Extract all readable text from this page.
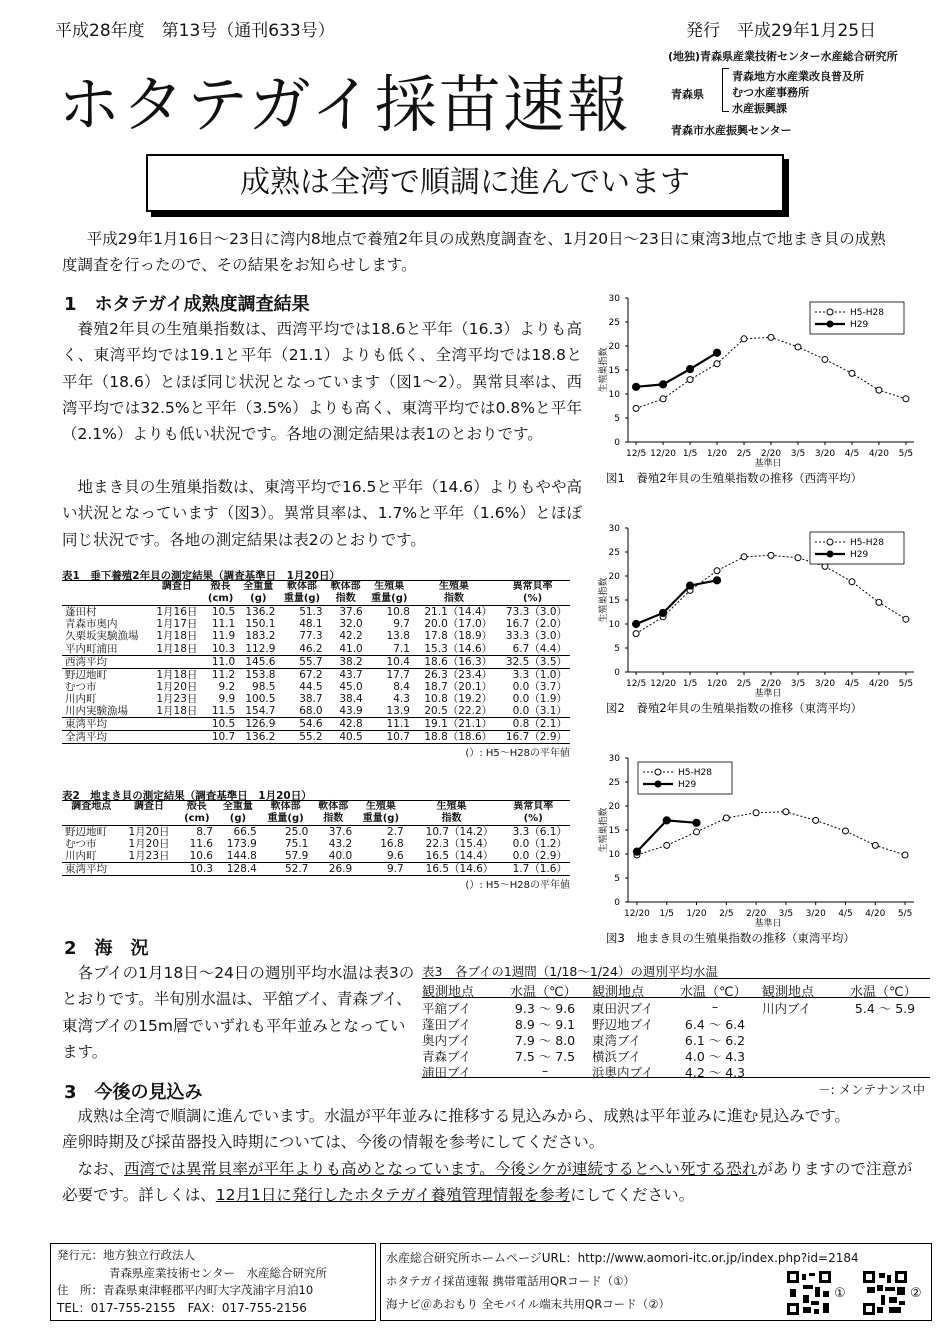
平成28年度　第13号（通刊633号）	発行　平成29年1月25日
ホタテガイ採苗速報
(地独)青森県産業技術センター水産総合研究所
青森県
青森地方水産業改良普及所
むつ水産事務所
水産振興課
青森市水産振興センター
成熟は全湾で順調に進んでいます
平成29年1月16日～23日に湾内8地点で養殖2年貝の成熟度調査を、1月20日～23日に東湾3地点で地まき貝の成熟度調査を行ったので、その結果をお知らせします。
1　ホタテガイ成熟度調査結果
養殖2年貝の生殖巣指数は、西湾平均では18.6と平年（16.3）よりも高く、東湾平均では19.1と平年（21.1）よりも低く、全湾平均では18.8と平年（18.6）とほぼ同じ状況となっています（図1～2）。異常貝率は、西湾平均では32.5%と平年（3.5%）よりも高く、東湾平均では0.8%と平年（2.1%）よりも低い状況です。各地の測定結果は表1のとおりです。
地まき貝の生殖巣指数は、東湾平均で16.5と平年（14.6）よりもやや高い状況となっています（図3）。異常貝率は、1.7%と平年（1.6%）とほぼ同じ状況です。各地の測定結果は表2のとおりです。
表1　垂下養殖2年貝の測定結果（調査基準日　1月20日）
	調査日	殻長	全重量	軟体部	軟体部	生殖巣	生殖巣	異常貝率
		(cm)	(g)	重量(g)	指数	重量(g)	指数	(%)
蓬田村	1月16日	10.5	136.2	51.3	37.6	10.8	21.1（14.4）	73.3（3.0）
青森市奥内	1月17日	11.1	150.1	48.1	32.0	9.7	20.0（17.0）	16.7（2.0）
久栗坂実験漁場	1月18日	11.9	183.2	77.3	42.2	13.8	17.8（18.9）	33.3（3.0）
平内町浦田	1月18日	10.3	112.9	46.2	41.0	7.1	15.3（14.6）	6.7（4.4）
西湾平均		11.0	145.6	55.7	38.2	10.4	18.6（16.3）	32.5（3.5）
野辺地町	1月18日	11.2	153.8	67.2	43.7	17.7	26.3（23.4）	3.3（1.0）
むつ市	1月20日	9.2	98.5	44.5	45.0	8.4	18.7（20.1）	0.0（3.7）
川内町	1月23日	9.9	100.5	38.7	38.4	4.3	10.8（19.2）	0.0（1.9）
川内実験漁場	1月18日	11.5	154.7	68.0	43.9	13.9	20.5（22.2）	0.0（3.1）
東湾平均		10.5	126.9	54.6	42.8	11.1	19.1（21.1）	0.8（2.1）
全湾平均		10.7	136.2	55.2	40.5	10.7	18.8（18.6）	16.7（2.9）
(）: H5～H28の平年値
表2　地まき貝の測定結果（調査基準日　1月20日）
調査地点	調査日	殻長	全重量	軟体部	軟体部	生殖巣	生殖巣	異常貝率
		(cm)	(g)	重量(g)	指数	重量(g)	指数	(%)
野辺地町	1月20日	8.7	66.5	25.0	37.6	2.7	10.7（14.2）	3.3（6.1）
むつ市	1月20日	11.6	173.9	75.1	43.2	16.8	22.3（15.4）	0.0（1.2）
川内町	1月23日	10.6	144.8	57.9	40.0	9.6	16.5（14.4）	0.0（2.9）
東湾平均		10.3	128.4	52.7	26.9	9.7	16.5（14.6）	1.7（1.6）
(）: H5～H28の平年値
0
5
10
15
20
25
30
12/5 12/20 1/5 1/20 2/5 2/20 3/5 3/20 4/5 4/20 5/5
基準日
生殖巣指数
H5-H28
H29
図1　養殖2年貝の生殖巣指数の推移（西湾平均）
0
5
10
15
20
25
30
12/5 12/20 1/5 1/20 2/5 2/20 3/5 3/20 4/5 4/20 5/5
基準日
生殖巣指数
H5-H28
H29
図2　養殖2年貝の生殖巣指数の推移（東湾平均）
0
5
10
15
20
25
30
12/20 1/5 1/20 2/5 2/20 3/5 3/20 4/5 4/20 5/5
基準日
生殖巣指数
H5-H28
H29
図3　地まき貝の生殖巣指数の推移（東湾平均）
2　海　況
各ブイの1月18日～24日の週別平均水温は表3のとおりです。半旬別水温は、平舘ブイ、青森ブイ、東湾ブイの15m層でいずれも平年並みとなっています。
表3　各ブイの1週間（1/18～1/24）の週別平均水温
観測地点	水温（℃）
平舘ブイ	9.3 ～ 9.6
蓬田ブイ	8.9 ～ 9.1
奥内ブイ	7.9 ～ 8.0
青森ブイ	7.5 ～ 7.5
浦田ブイ	–
観測地点	水温（℃）
東田沢ブイ	–
野辺地ブイ	6.4 ～ 6.4
東湾ブイ	6.1 ～ 6.2
横浜ブイ	4.0 ～ 4.3
浜奥内ブイ	4.2 ～ 4.3
観測地点	水温（℃）
川内ブイ	5.4 ～ 5.9
－: メンテナンス中
3　今後の見込み
成熟は全湾で順調に進んでいます。水温が平年並みに推移する見込みから、成熟は平年並みに進む見込みです。
産卵時期及び採苗器投入時期については、今後の情報を参考にしてください。
なお、西湾では異常貝率が平年よりも高めとなっています。今後シケが連続するとへい死する恐れがありますので注意が必要です。詳しくは、12月1日に発行したホタテガイ養殖管理情報を参考にしてください。
発行元：地方独立行政法人
青森県産業技術センター　水産総合研究所
住　所：青森県東津軽郡平内町大字茂浦字月泊10
TEL：017-755-2155　FAX：017-755-2156
水産総合研究所ホームページURL：http://www.aomori-itc.or.jp/index.php?id=2184
ホタテガイ採苗速報 携帯電話用QRコード（①）
海ナビ＠あおもり 全モバイル端末共用QRコード（②）
①	②
